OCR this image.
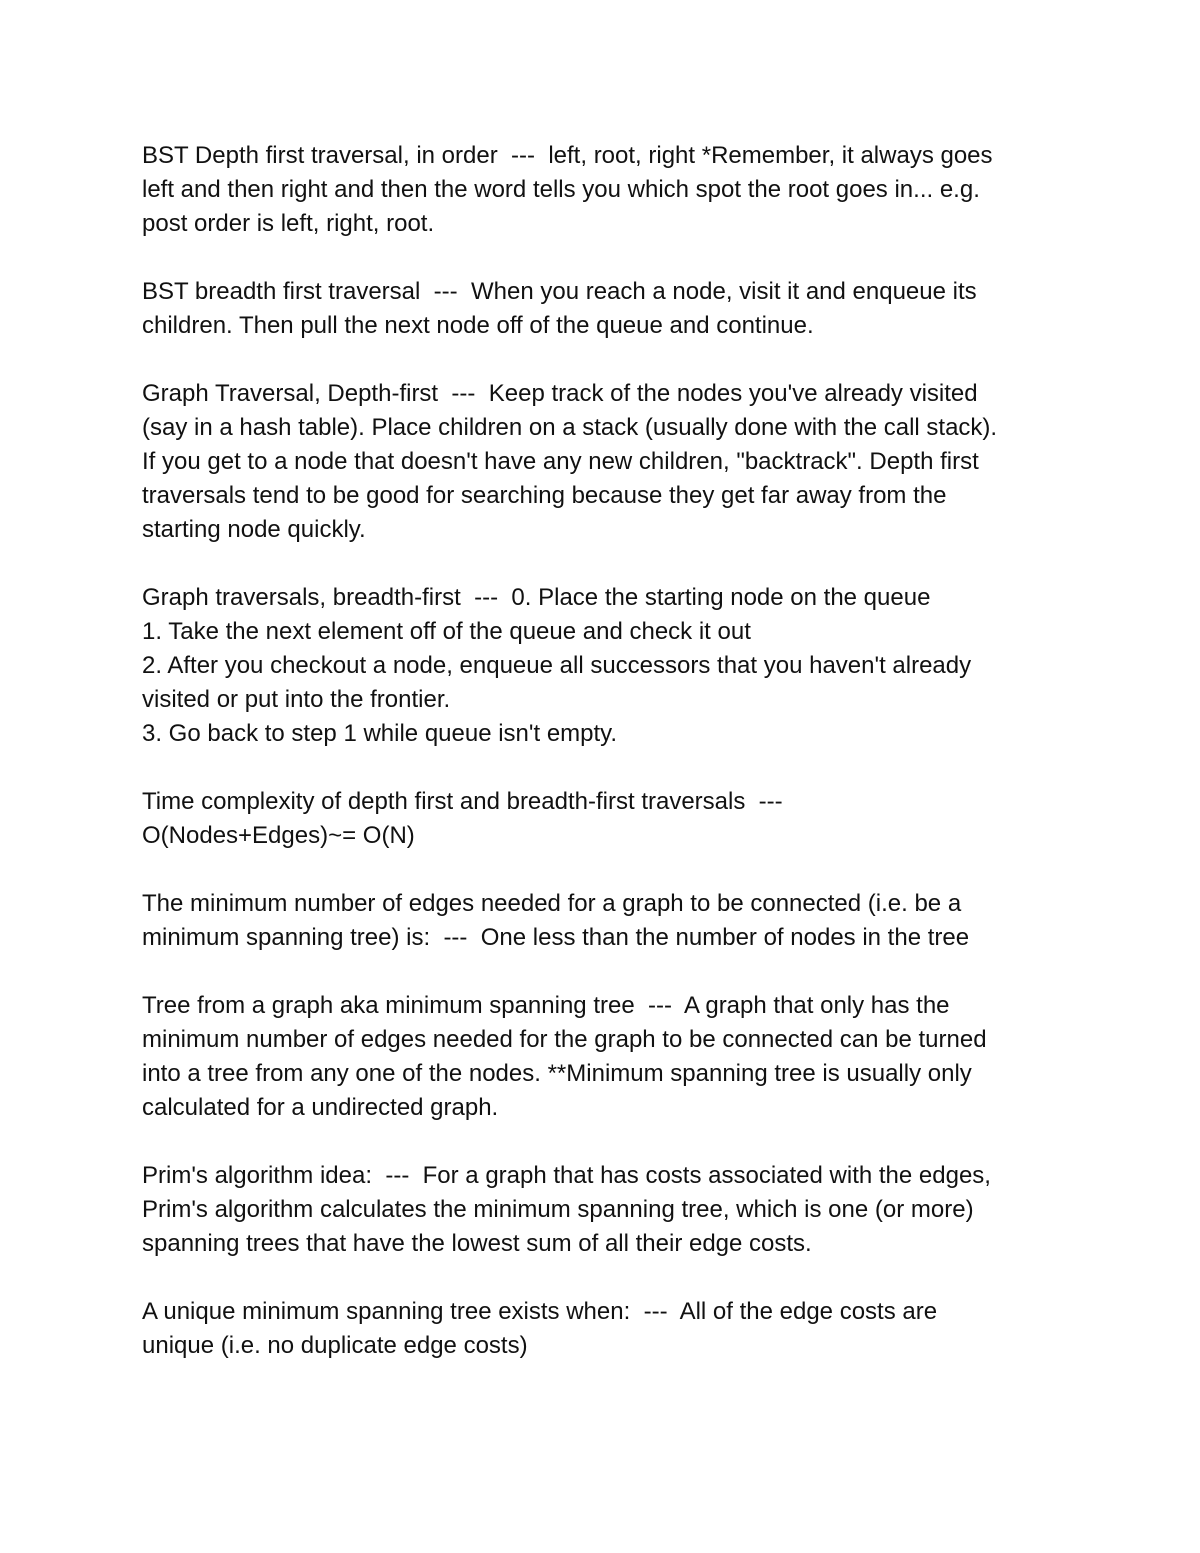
BST Depth first traversal, in order  ---  left, root, right *Remember, it always goes
left and then right and then the word tells you which spot the root goes in... e.g.
post order is left, right, root.
BST breadth first traversal  ---  When you reach a node, visit it and enqueue its
children. Then pull the next node off of the queue and continue.
Graph Traversal, Depth-first  ---  Keep track of the nodes you've already visited
(say in a hash table). Place children on a stack (usually done with the call stack).
If you get to a node that doesn't have any new children, "backtrack". Depth first
traversals tend to be good for searching because they get far away from the
starting node quickly.
Graph traversals, breadth-first  ---  0. Place the starting node on the queue
1. Take the next element off of the queue and check it out
2. After you checkout a node, enqueue all successors that you haven't already
visited or put into the frontier.
3. Go back to step 1 while queue isn't empty.
Time complexity of depth first and breadth-first traversals  ---
O(Nodes+Edges)~= O(N)
The minimum number of edges needed for a graph to be connected (i.e. be a
minimum spanning tree) is:  ---  One less than the number of nodes in the tree
Tree from a graph aka minimum spanning tree  ---  A graph that only has the
minimum number of edges needed for the graph to be connected can be turned
into a tree from any one of the nodes. **Minimum spanning tree is usually only
calculated for a undirected graph.
Prim's algorithm idea:  ---  For a graph that has costs associated with the edges,
Prim's algorithm calculates the minimum spanning tree, which is one (or more)
spanning trees that have the lowest sum of all their edge costs.
A unique minimum spanning tree exists when:  ---  All of the edge costs are
unique (i.e. no duplicate edge costs)
